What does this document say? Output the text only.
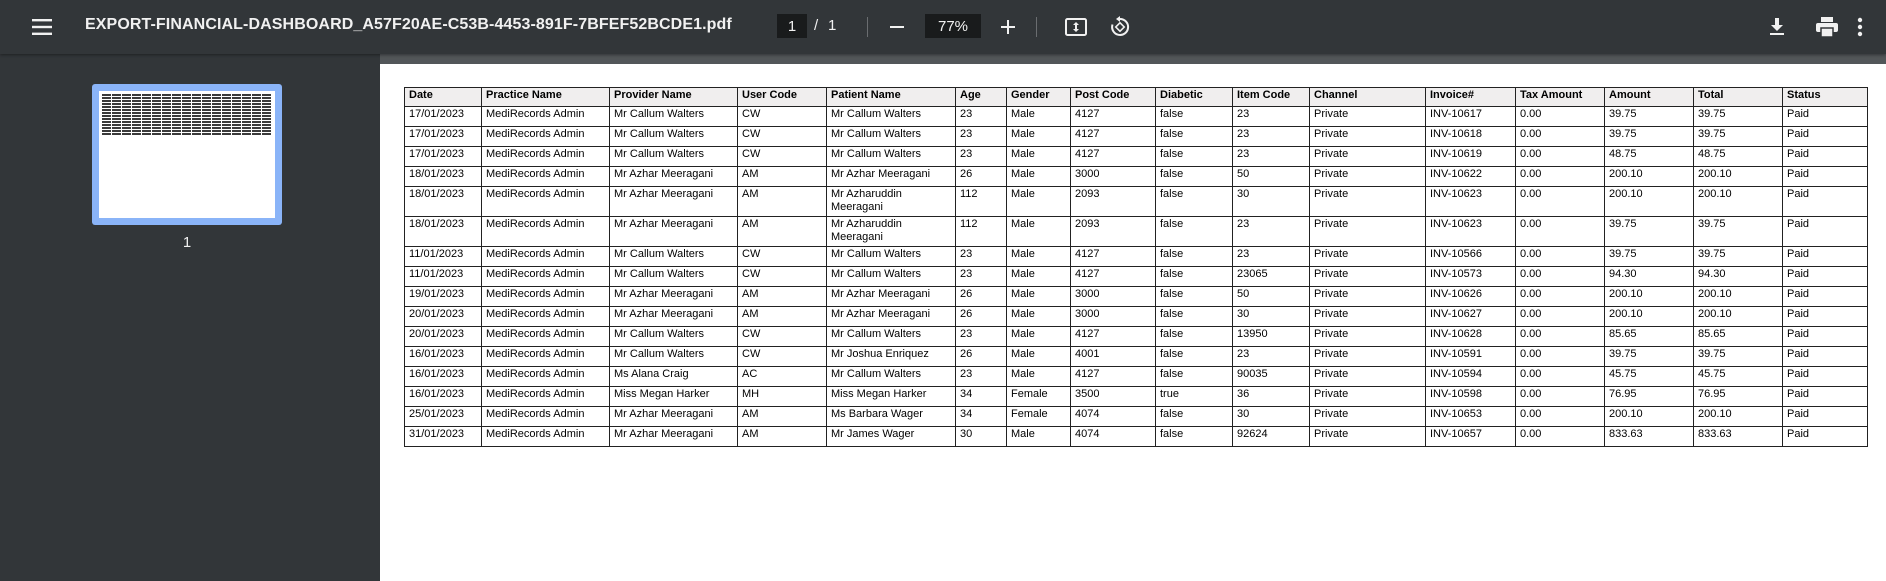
EXPORT-FINANCIAL-DASHBOARD_A57F20AE-C53B-4453-891F-7BFEF52BCDE1.pdf	1	/ 1	77%
1
Date	Practice Name	Provider Name	User Code	Patient Name	Age	Gender	Post Code	Diabetic	Item Code	Channel	Invoice#	Tax Amount	Amount	Total	Status
17/01/2023	MediRecords Admin	Mr Callum Walters	CW	Mr Callum Walters	23	Male	4127	false	23	Private	INV-10617	0.00	39.75	39.75	Paid
17/01/2023	MediRecords Admin	Mr Callum Walters	CW	Mr Callum Walters	23	Male	4127	false	23	Private	INV-10618	0.00	39.75	39.75	Paid
17/01/2023	MediRecords Admin	Mr Callum Walters	CW	Mr Callum Walters	23	Male	4127	false	23	Private	INV-10619	0.00	48.75	48.75	Paid
18/01/2023	MediRecords Admin	Mr Azhar Meeragani	AM	Mr Azhar Meeragani	26	Male	3000	false	50	Private	INV-10622	0.00	200.10	200.10	Paid
18/01/2023	MediRecords Admin	Mr Azhar Meeragani	AM	Mr Azharuddin Meeragani	112	Male	2093	false	30	Private	INV-10623	0.00	200.10	200.10	Paid
18/01/2023	MediRecords Admin	Mr Azhar Meeragani	AM	Mr Azharuddin Meeragani	112	Male	2093	false	23	Private	INV-10623	0.00	39.75	39.75	Paid
11/01/2023	MediRecords Admin	Mr Callum Walters	CW	Mr Callum Walters	23	Male	4127	false	23	Private	INV-10566	0.00	39.75	39.75	Paid
11/01/2023	MediRecords Admin	Mr Callum Walters	CW	Mr Callum Walters	23	Male	4127	false	23065	Private	INV-10573	0.00	94.30	94.30	Paid
19/01/2023	MediRecords Admin	Mr Azhar Meeragani	AM	Mr Azhar Meeragani	26	Male	3000	false	50	Private	INV-10626	0.00	200.10	200.10	Paid
20/01/2023	MediRecords Admin	Mr Azhar Meeragani	AM	Mr Azhar Meeragani	26	Male	3000	false	30	Private	INV-10627	0.00	200.10	200.10	Paid
20/01/2023	MediRecords Admin	Mr Callum Walters	CW	Mr Callum Walters	23	Male	4127	false	13950	Private	INV-10628	0.00	85.65	85.65	Paid
16/01/2023	MediRecords Admin	Mr Callum Walters	CW	Mr Joshua Enriquez	26	Male	4001	false	23	Private	INV-10591	0.00	39.75	39.75	Paid
16/01/2023	MediRecords Admin	Ms Alana Craig	AC	Mr Callum Walters	23	Male	4127	false	90035	Private	INV-10594	0.00	45.75	45.75	Paid
16/01/2023	MediRecords Admin	Miss Megan Harker	MH	Miss Megan Harker	34	Female	3500	true	36	Private	INV-10598	0.00	76.95	76.95	Paid
25/01/2023	MediRecords Admin	Mr Azhar Meeragani	AM	Ms Barbara Wager	34	Female	4074	false	30	Private	INV-10653	0.00	200.10	200.10	Paid
31/01/2023	MediRecords Admin	Mr Azhar Meeragani	AM	Mr James Wager	30	Male	4074	false	92624	Private	INV-10657	0.00	833.63	833.63	Paid
